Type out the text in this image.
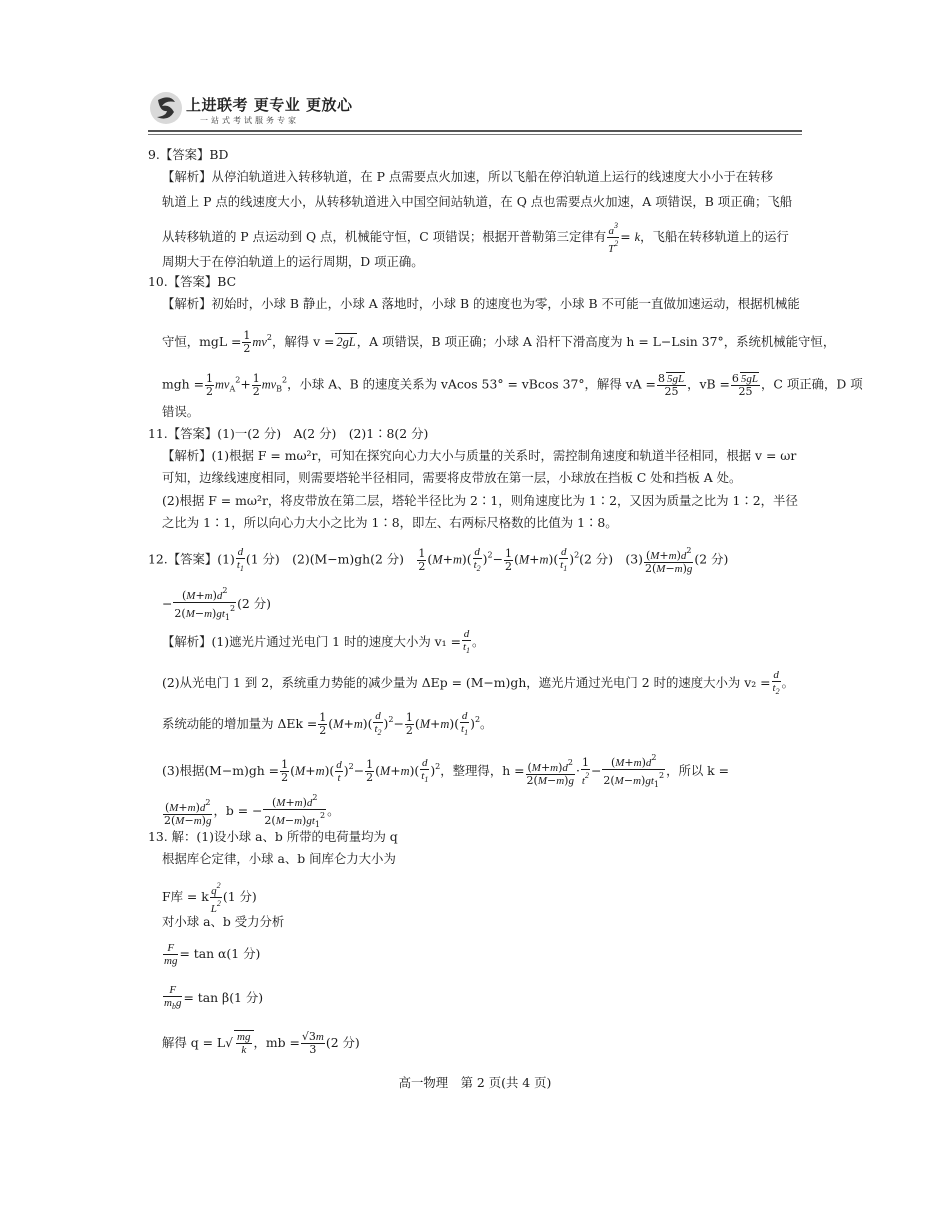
上进联考 更专业 更放心
一站式考试服务专家
9.【答案】BD
【解析】从停泊轨道进入转移轨道，在 P 点需要点火加速，所以飞船在停泊轨道上运行的线速度大小小于在转移
轨道上 P 点的线速度大小，从转移轨道进入中国空间站轨道，在 Q 点也需要点火加速，A 项错误，B 项正确；飞船
从转移轨道的 P 点运动到 Q 点，机械能守恒，C 项错误；根据开普勒第三定律有 $\frac{a^3}{T^2} = k$，飞船在转移轨道上的运行
周期大于在停泊轨道上的运行周期，D 项正确。
10.【答案】BC
【解析】初始时，小球 B 静止，小球 A 落地时，小球 B 的速度也为零，小球 B 不可能一直做加速运动，根据机械能
守恒，mgL = $\frac{1}{2} mv^2$，解得 v = 2gL，A 项错误，B 项正确；小球 A 沿杆下滑高度为 h = L−Lsin 37°，系统机械能守恒，
mgh = $\frac{1}{2} mv_A^2+ \frac{1}{2} mv_B^2$，小球 A、B 的速度关系为 vAcos 53° = vBcos 37°，解得 vA = $\frac{8 5gL}{25}$ ，vB = $\frac{6 5gL}{25}$ ，C 项正确，D 项
错误。
11.【答案】(1)一(2 分)　A(2 分)　(2)1∶8(2 分)
【解析】(1)根据 F = mω²r，可知在探究向心力大小与质量的关系时，需控制角速度和轨道半径相同，根据 v = ωr
可知，边缘线速度相同，则需要塔轮半径相同，需要将皮带放在第一层，小球放在挡板 C 处和挡板 A 处。
(2)根据 F = mω²r，将皮带放在第二层，塔轮半径比为 2∶1，则角速度比为 1∶2，又因为质量之比为 1∶2，半径
之比为 1∶1，所以向心力大小之比为 1∶8，即左、右两标尺格数的比值为 1∶8。
12.【答案】$(1) \frac{d}{t_1} (1$ 分)　(2)(M−m)gh(2 分)　 $\frac{1}{2} (M+m)( \frac{d}{t_2} )^2- \frac{1}{2} (M+m)( \frac{d}{t_1} )^2(2$ 分)　$(3) \frac{(M+m)d^2}{2(M-m)g} (2$ 分)
− $\frac{(M+m)d^2}{2(M-m)gt_1^2} (2$ 分)
【解析】(1)遮光片通过光电门 1 时的速度大小为 $v_1 = \frac{d}{t_1}$ 。
(2)从光电门 1 到 2，系统重力势能的减少量为 ΔEp = (M−m)gh，遮光片通过光电门 2 时的速度大小为 $v_2 = \frac{d}{t_2}$ 。
系统动能的增加量为 $\Delta Ek = \frac{1}{2} (M+m)( \frac{d}{t_2} )^2- \frac{1}{2} (M+m)( \frac{d}{t_1} )^2$。
(3)根据$(M-m)gh = \frac{1}{2} (M+m)( \frac{d}{t} )^2- \frac{1}{2} (M+m)( \frac{d}{t_1} )^2$，整理得，$h = \frac{(M+m)d^2}{2(M-m)g} \cdot \frac{1}{t^2} - \frac{(M+m)d^2}{2(M-m)gt_1^2}$ ，所以 k =
$\frac{(M+m)d^2}{2(M-m)g}$ ，b = − $\frac{(M+m)d^2}{2(M-m)gt_1^2}$ 。
13. 解：(1)设小球 a、b 所带的电荷量均为 q
根据库仑定律，小球 a、b 间库仑力大小为
F库 = k $\frac{q^2}{L^2} (1$ 分)
对小球 a、b 受力分析
$\frac{F}{mg} = \tan \alpha(1$ 分)
$\frac{F}{m_bg} = \tan \beta(1$ 分)
解得 $q = L√ \frac{mg}{k}$ ，mb = $\frac{√3m}{3} (2$ 分)
高一物理　第 2 页(共 4 页)
